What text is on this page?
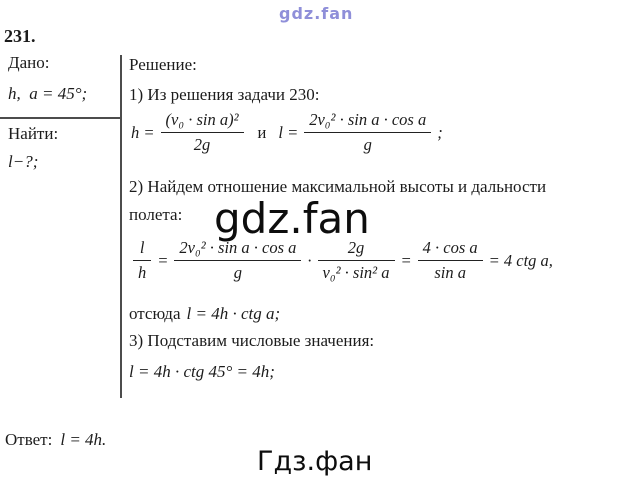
gdz.fan
231.
Дано:
h, a = 45°;
Найти:
l−?;
Решение:
1) Из решения задачи 230:
$h = \frac{\text{(v₀ · sin a)²}}{2g}$ и $l = \frac{\text{2v₀² · sin a · cos a}}{g}$ ;
2) Найдем отношение максимальной высоты и дальности
полета: gdz.fan
$\frac{l}{h} = \frac{\text{2v₀² · sin a · cos a}}{g} \cdot \frac{2g}{\text{v₀² · sin² a}} = \frac{\text{4 · cos a}}{\text{sin a}} = 4$ ctg a,
отсюда l = 4h · ctg a;
3) Подставим числовые значения:
l = 4h · ctg 45° = 4h;
Ответ: l = 4h.
Гдз.фан
